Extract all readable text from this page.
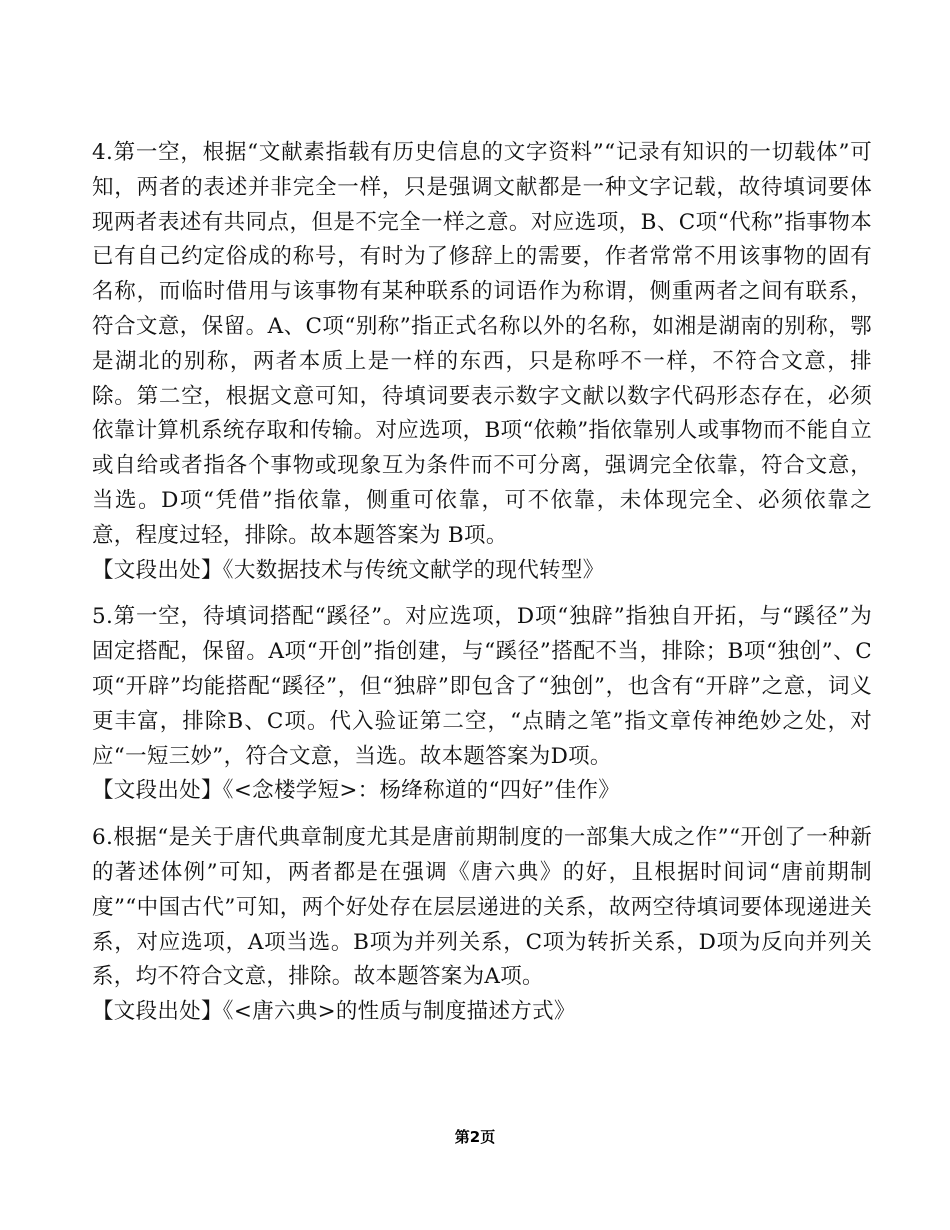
4.第一空，根据“文献素指载有历史信息的文字资料”“记录有知识的一切载体”可知，两者的表述并非完全一样，只是强调文献都是一种文字记载，故待填词要体现两者表述有共同点，但是不完全一样之意。对应选项，B、C项“代称”指事物本已有自己约定俗成的称号，有时为了修辞上的需要，作者常常不用该事物的固有名称，而临时借用与该事物有某种联系的词语作为称谓，侧重两者之间有联系，符合文意，保留。A、C项“别称”指正式名称以外的名称，如湘是湖南的别称，鄂是湖北的别称，两者本质上是一样的东西，只是称呼不一样，不符合文意，排除。第二空，根据文意可知，待填词要表示数字文献以数字代码形态存在，必须依靠计算机系统存取和传输。对应选项，B项“依赖”指依靠别人或事物而不能自立或自给或者指各个事物或现象互为条件而不可分离，强调完全依靠，符合文意，当选。D项“凭借”指依靠，侧重可依靠，可不依靠，未体现完全、必须依靠之意，程度过轻，排除。故本题答案为 B项。

【文段出处】《大数据技术与传统文献学的现代转型》

5.第一空，待填词搭配“蹊径”。对应选项，D项“独辟”指独自开拓，与“蹊径”为固定搭配，保留。A项“开创”指创建，与“蹊径”搭配不当，排除；B项“独创”、C项“开辟”均能搭配“蹊径”，但“独辟”即包含了“独创”，也含有“开辟”之意，词义更丰富，排除B、C项。代入验证第二空，“点睛之笔”指文章传神绝妙之处，对应“一短三妙”，符合文意，当选。故本题答案为D项。

【文段出处】《<念楼学短>：杨绛称道的“四好”佳作》

6.根据“是关于唐代典章制度尤其是唐前期制度的一部集大成之作”“开创了一种新的著述体例”可知，两者都是在强调《唐六典》的好，且根据时间词“唐前期制度”“中国古代”可知，两个好处存在层层递进的关系，故两空待填词要体现递进关系，对应选项，A项当选。B项为并列关系，C项为转折关系，D项为反向并列关系，均不符合文意，排除。故本题答案为A项。

【文段出处】《<唐六典>的性质与制度描述方式》

第2页
